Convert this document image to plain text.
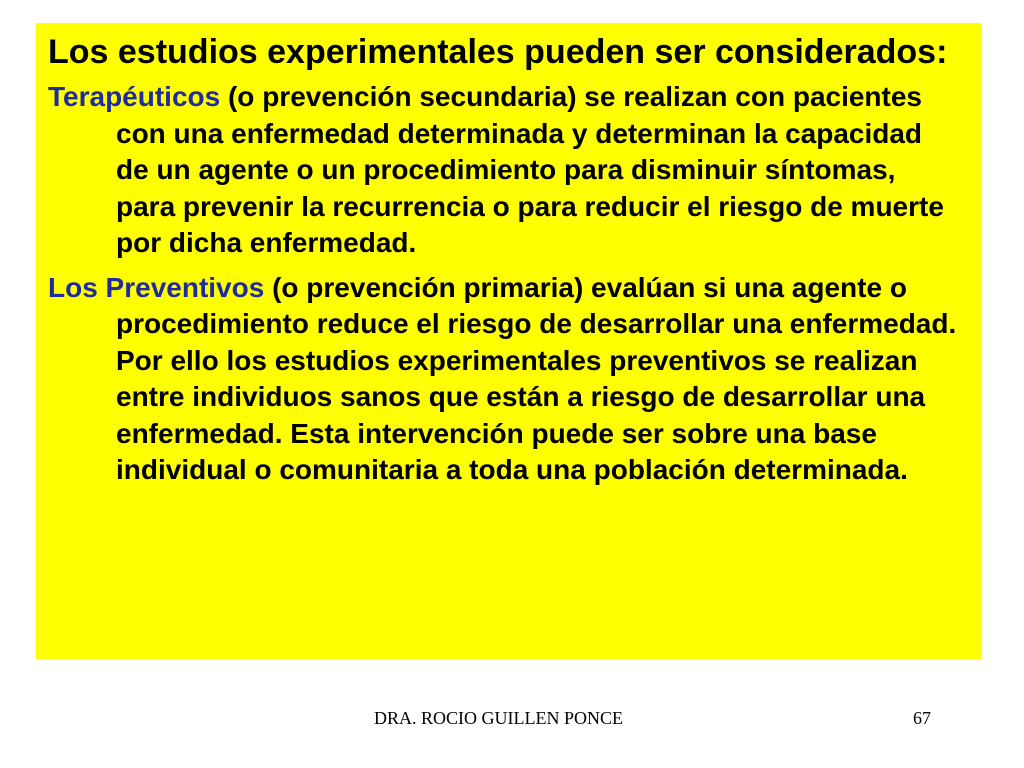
Los estudios experimentales pueden ser considerados:

Terapéuticos (o prevención secundaria) se realizan con pacientes con una enfermedad determinada y determinan la capacidad de un agente o un procedimiento para disminuir síntomas, para prevenir la recurrencia o para reducir el riesgo de muerte por dicha enfermedad.

Los Preventivos (o prevención primaria) evalúan si una agente o procedimiento reduce el riesgo de desarrollar una enfermedad. Por ello los estudios experimentales preventivos se realizan entre individuos sanos que están a riesgo de desarrollar una enfermedad. Esta intervención puede ser sobre una base individual o comunitaria a toda una población determinada.

DRA. ROCIO GUILLEN PONCE	67
